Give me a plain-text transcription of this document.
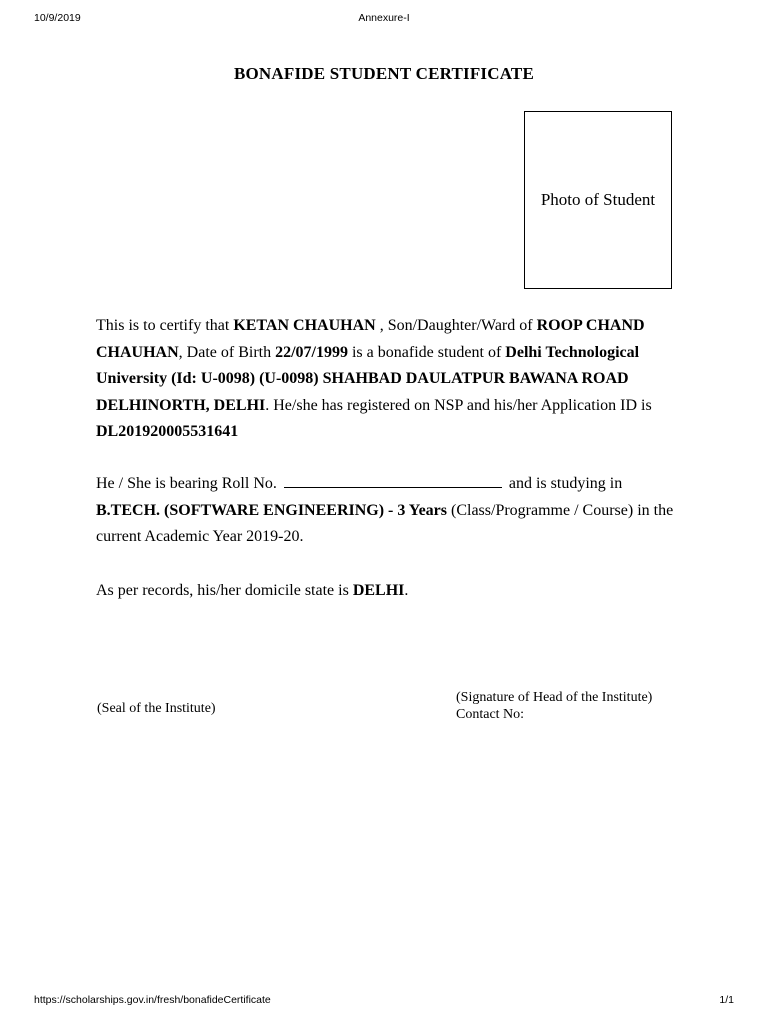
Annexure-I
10/9/2019
BONAFIDE STUDENT CERTIFICATE
Photo of Student
This is to certify that KETAN CHAUHAN , Son/Daughter/Ward of ROOP CHAND CHAUHAN, Date of Birth 22/07/1999 is a bonafide student of Delhi Technological University (Id: U-0098) (U-0098) SHAHBAD DAULATPUR BAWANA ROAD DELHINORTH, DELHI. He/she has registered on NSP and his/her Application ID is DL201920005531641
He / She is bearing Roll No.	and is studying in B.TECH. (SOFTWARE ENGINEERING) - 3 Years (Class/Programme / Course) in the current Academic Year 2019-20.
As per records, his/her domicile state is DELHI.
(Seal of the Institute)
(Signature of Head of the Institute)
Contact No:
https://scholarships.gov.in/fresh/bonafideCertificate	1/1
